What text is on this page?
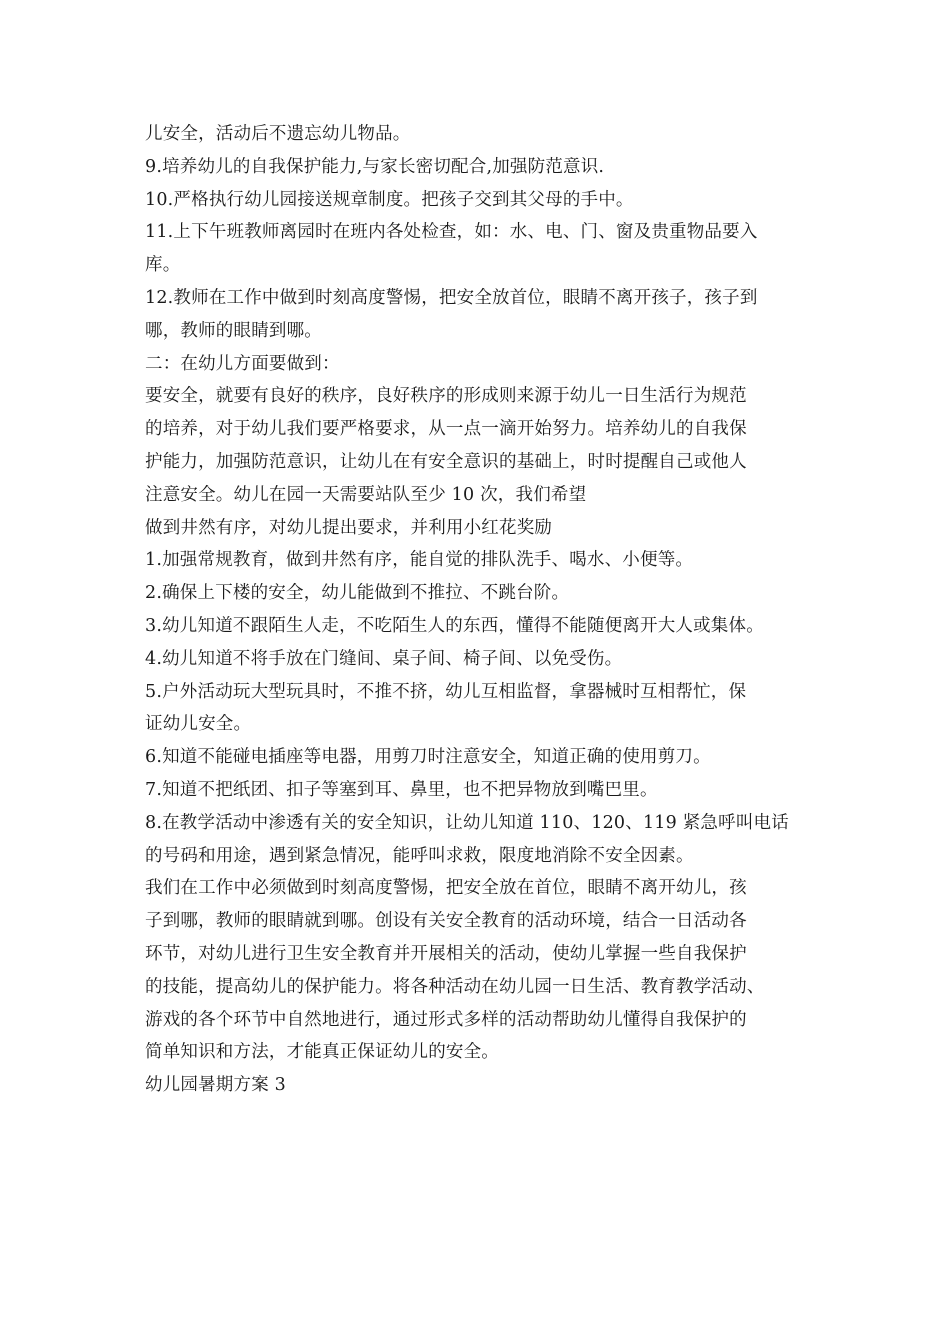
儿安全，活动后不遗忘幼儿物品。
9.培养幼儿的自我保护能力,与家长密切配合,加强防范意识.
10.严格执行幼儿园接送规章制度。把孩子交到其父母的手中。
11.上下午班教师离园时在班内各处检查，如：水、电、门、窗及贵重物品要入
库。
12.教师在工作中做到时刻高度警惕，把安全放首位，眼睛不离开孩子，孩子到
哪，教师的眼睛到哪。
二：在幼儿方面要做到：
要安全，就要有良好的秩序，良好秩序的形成则来源于幼儿一日生活行为规范
的培养，对于幼儿我们要严格要求，从一点一滴开始努力。培养幼儿的自我保
护能力，加强防范意识，让幼儿在有安全意识的基础上，时时提醒自己或他人
注意安全。幼儿在园一天需要站队至少 10 次，我们希望
做到井然有序，对幼儿提出要求，并利用小红花奖励
1.加强常规教育，做到井然有序，能自觉的排队洗手、喝水、小便等。
2.确保上下楼的安全，幼儿能做到不推拉、不跳台阶。
3.幼儿知道不跟陌生人走，不吃陌生人的东西，懂得不能随便离开大人或集体。
4.幼儿知道不将手放在门缝间、桌子间、椅子间、以免受伤。
5.户外活动玩大型玩具时，不推不挤，幼儿互相监督，拿器械时互相帮忙，保
证幼儿安全。
6.知道不能碰电插座等电器，用剪刀时注意安全，知道正确的使用剪刀。
7.知道不把纸团、扣子等塞到耳、鼻里，也不把异物放到嘴巴里。
8.在教学活动中渗透有关的安全知识，让幼儿知道 110、120、119 紧急呼叫电话
的号码和用途，遇到紧急情况，能呼叫求救，限度地消除不安全因素。
我们在工作中必须做到时刻高度警惕，把安全放在首位，眼睛不离开幼儿，孩
子到哪，教师的眼睛就到哪。创设有关安全教育的活动环境，结合一日活动各
环节，对幼儿进行卫生安全教育并开展相关的活动，使幼儿掌握一些自我保护
的技能，提高幼儿的保护能力。将各种活动在幼儿园一日生活、教育教学活动、
游戏的各个环节中自然地进行，通过形式多样的活动帮助幼儿懂得自我保护的
简单知识和方法，才能真正保证幼儿的安全。
幼儿园暑期方案 3
